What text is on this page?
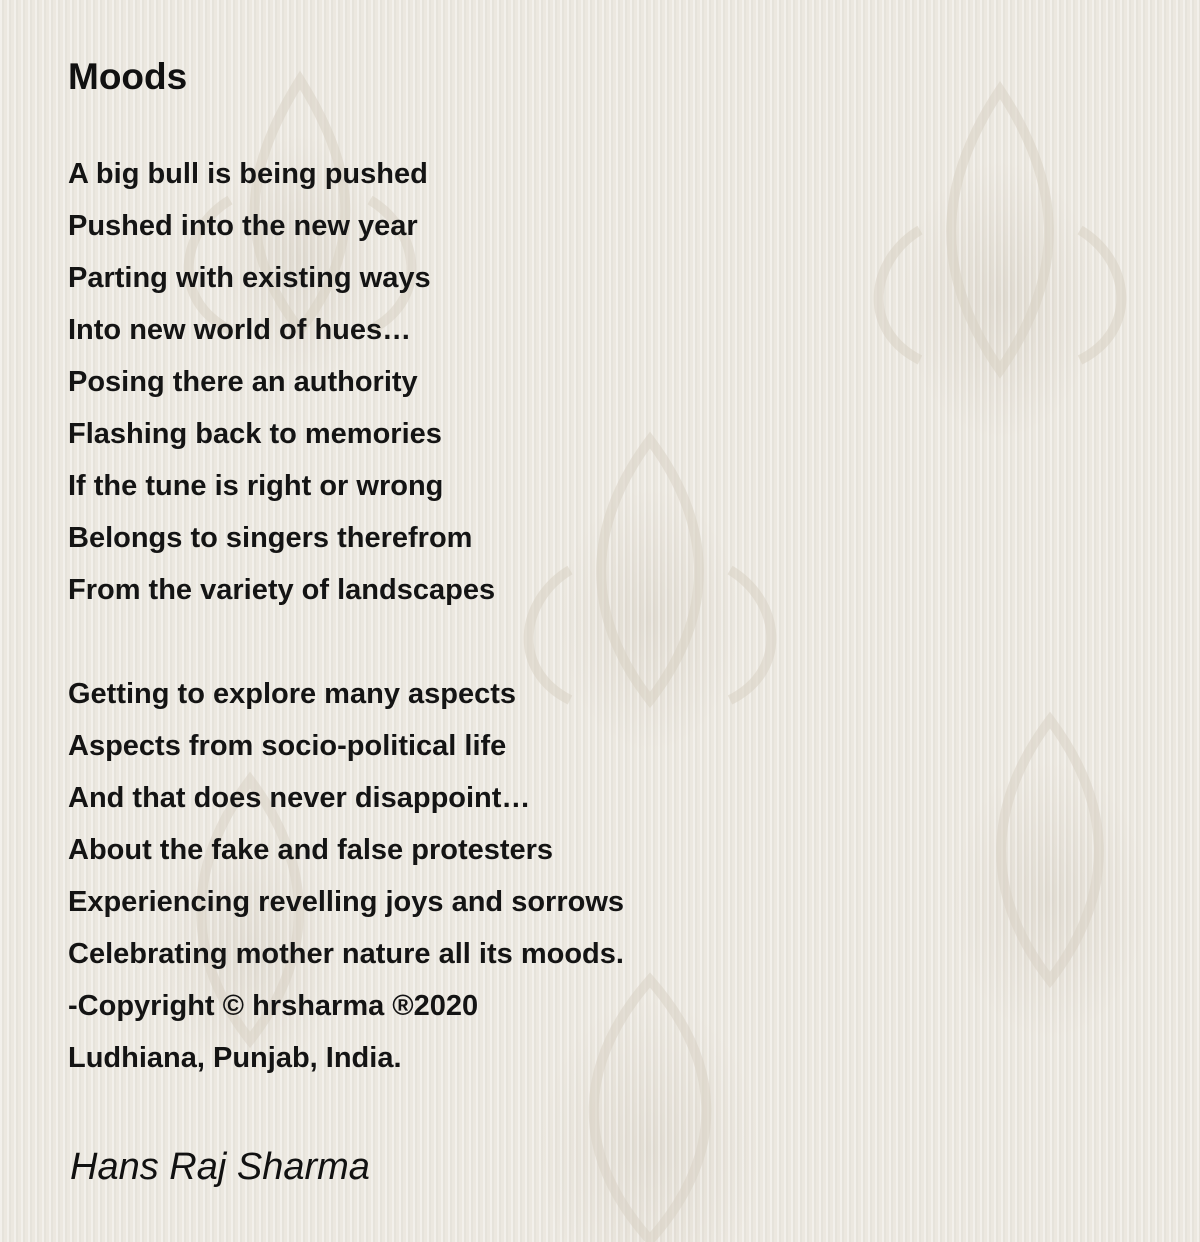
Moods
A big bull is being pushed
Pushed into the new year
Parting with existing ways
Into new world of hues…
Posing there an authority
Flashing back to memories
If the tune is right or wrong
Belongs to singers therefrom
From the variety of landscapes
Getting to explore many aspects
Aspects from socio-political life
And that does never disappoint…
About the fake and false protesters
Experiencing revelling joys and sorrows
Celebrating mother nature all its moods.
-Copyright © hrsharma ®2020
Ludhiana, Punjab, India.
Hans Raj Sharma
